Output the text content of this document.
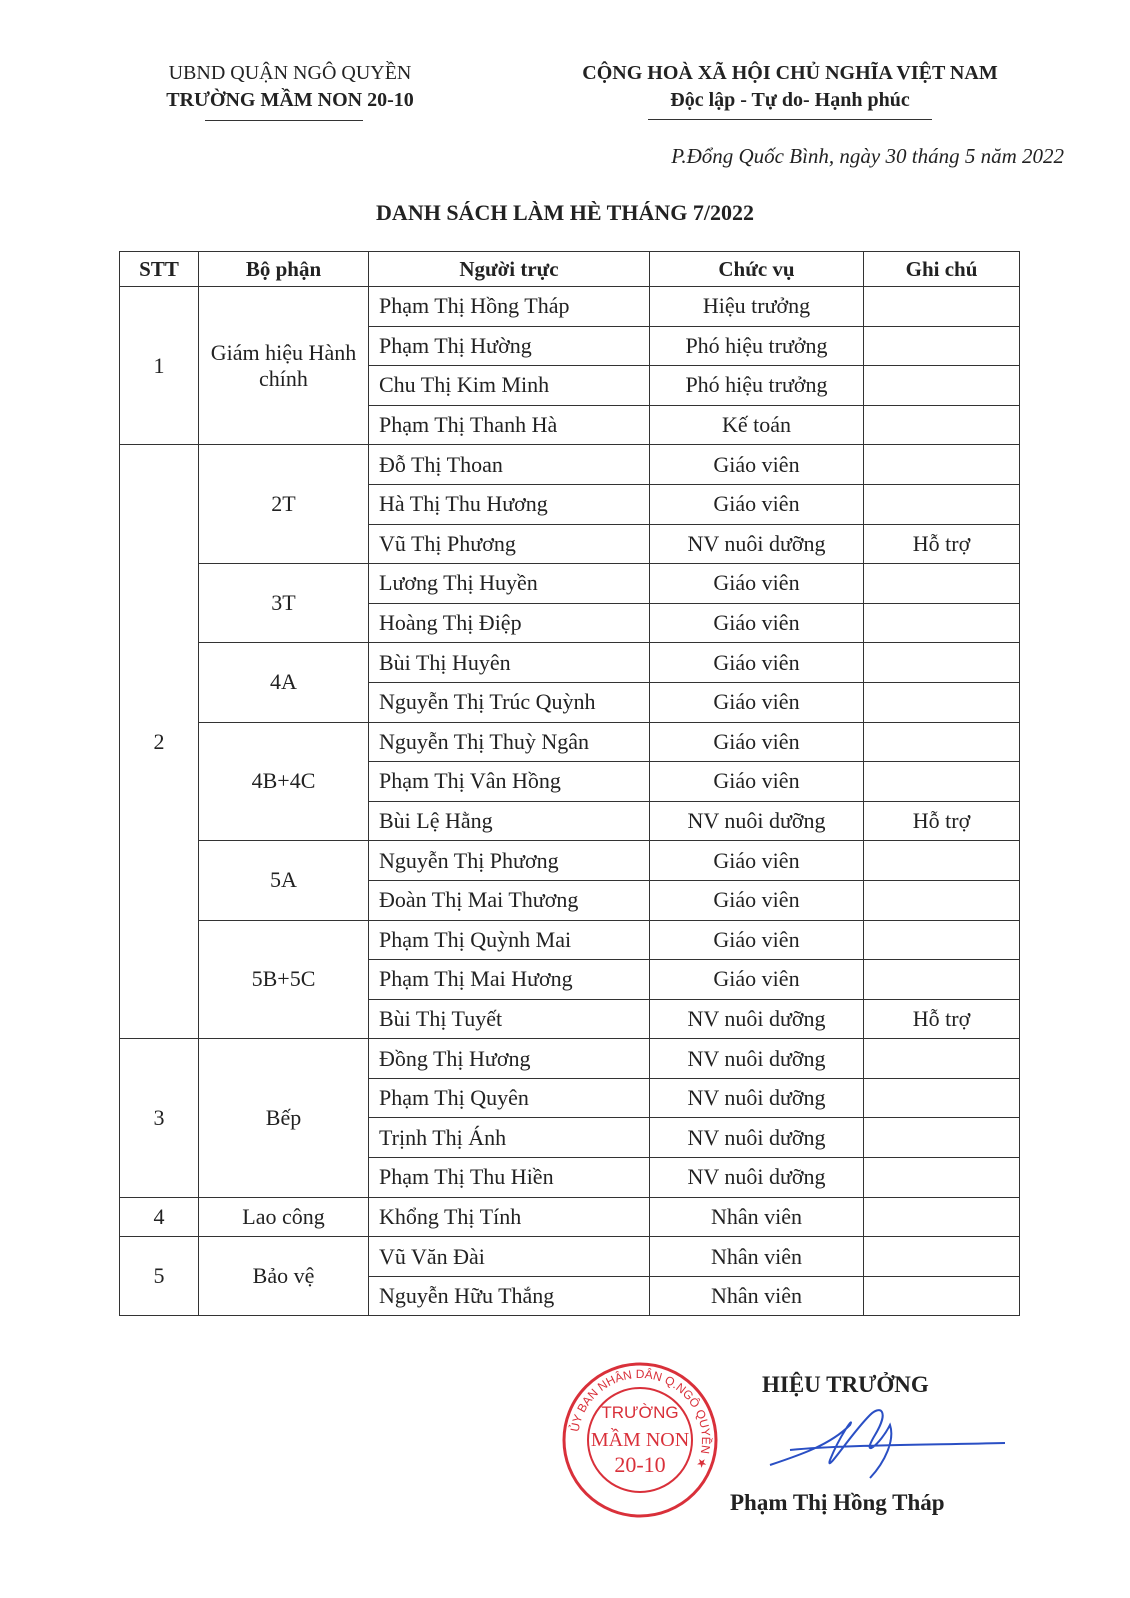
UBND QUẬN NGÔ QUYỀN
TRƯỜNG MẦM NON 20-10
CỘNG HOÀ XÃ HỘI CHỦ NGHĨA VIỆT NAM
Độc lập - Tự do- Hạnh phúc
P.Đổng Quốc Bình, ngày 30 tháng 5 năm 2022
DANH SÁCH LÀM HÈ THÁNG 7/2022
STT	Bộ phận	Người trực	Chức vụ	Ghi chú
1	Giám hiệu Hành chính	Phạm Thị Hồng Tháp	Hiệu trưởng	
		Phạm Thị Hường	Phó hiệu trưởng	
		Chu Thị Kim Minh	Phó hiệu trưởng	
		Phạm Thị Thanh Hà	Kế toán	
2	2T	Đỗ Thị Thoan	Giáo viên	
		Hà Thị Thu Hương	Giáo viên	
		Vũ Thị Phương	NV nuôi dưỡng	Hỗ trợ
	3T	Lương Thị Huyền	Giáo viên	
		Hoàng Thị Điệp	Giáo viên	
	4A	Bùi Thị Huyên	Giáo viên	
		Nguyễn Thị Trúc Quỳnh	Giáo viên	
	4B+4C	Nguyễn Thị Thuỳ Ngân	Giáo viên	
		Phạm Thị Vân Hồng	Giáo viên	
		Bùi Lệ Hằng	NV nuôi dưỡng	Hỗ trợ
	5A	Nguyễn Thị Phương	Giáo viên	
		Đoàn Thị Mai Thương	Giáo viên	
	5B+5C	Phạm Thị Quỳnh Mai	Giáo viên	
		Phạm Thị Mai Hương	Giáo viên	
		Bùi Thị Tuyết	NV nuôi dưỡng	Hỗ trợ
3	Bếp	Đồng Thị Hương	NV nuôi dưỡng	
		Phạm Thị Quyên	NV nuôi dưỡng	
		Trịnh Thị Ánh	NV nuôi dưỡng	
		Phạm Thị Thu Hiền	NV nuôi dưỡng	
4	Lao công	Khổng Thị Tính	Nhân viên	
5	Bảo vệ	Vũ Văn Đài	Nhân viên	
		Nguyễn Hữu Thắng	Nhân viên	
ỦY BAN NHÂN DÂN Q.NGÔ QUYỀN ★
TRƯỜNG
MẦM NON
20-10
HIỆU TRƯỞNG
Phạm Thị Hồng Tháp
